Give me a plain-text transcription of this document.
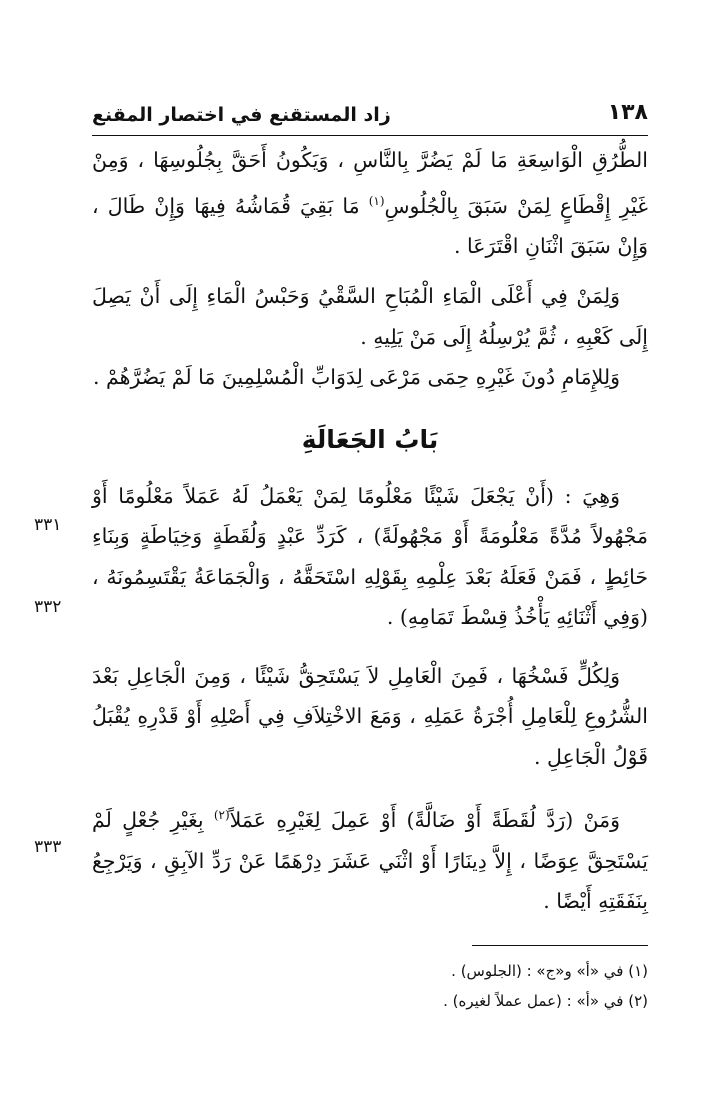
١٣٨
زاد المستقنع في اختصار المقنع

الطُّرُقِ الْوَاسِعَةِ مَا لَمْ يَضُرَّ بِالنَّاسِ ، وَيَكُونُ أَحَقَّ بِجُلُوسِهَا ، وَمِنْ غَيْرِ إِقْطَاعٍ لِمَنْ سَبَقَ بِالْجُلُوسِ$^{(١)}$ مَا بَقِيَ قُمَاشُهُ فِيهَا وَإِنْ طَالَ ، وَإِنْ سَبَقَ اثْنَانِ اقْتَرَعَا .

وَلِمَنْ فِي أَعْلَى الْمَاءِ الْمُبَاحِ السَّقْيُ وَحَبْسُ الْمَاءِ إِلَى أَنْ يَصِلَ إِلَى كَعْبِهِ ، ثُمَّ يُرْسِلُهُ إِلَى مَنْ يَلِيهِ .

وَلِلإِمَامِ دُونَ غَيْرِهِ حِمَى مَرْعَى لِدَوَابِّ الْمُسْلِمِينَ مَا لَمْ يَضُرَّهُمْ .

بَابُ الجَعَالَةِ

وَهِيَ : (أَنْ يَجْعَلَ شَيْئًا مَعْلُومًا لِمَنْ يَعْمَلُ لَهُ عَمَلاً مَعْلُومًا أَوْ مَجْهُولاً مُدَّةً مَعْلُومَةً أَوْ مَجْهُولَةً) ، كَرَدِّ عَبْدٍ وَلُقَطَةٍ وَخِيَاطَةٍ وَبِنَاءِ حَائِطٍ ، فَمَنْ فَعَلَهُ بَعْدَ عِلْمِهِ بِقَوْلِهِ اسْتَحَقَّهُ ، وَالْجَمَاعَةُ يَقْتَسِمُونَهُ ، (وَفِي أَثْنَائِهِ يَأْخُذُ قِسْطَ تَمَامِهِ) .

وَلِكُلٍّ فَسْخُهَا ، فَمِنَ الْعَامِلِ لاَ يَسْتَحِقُّ شَيْئًا ، وَمِنَ الْجَاعِلِ بَعْدَ الشُّرُوعِ لِلْعَامِلِ أُجْرَةُ عَمَلِهِ ، وَمَعَ الاخْتِلاَفِ فِي أَصْلِهِ أَوْ قَدْرِهِ يُقْبَلُ قَوْلُ الْجَاعِلِ .

وَمَنْ (رَدَّ لُقَطَةً أَوْ ضَالَّةً) أَوْ عَمِلَ لِغَيْرِهِ عَمَلاً$^{(٢)}$ بِغَيْرِ جُعْلٍ لَمْ يَسْتَحِقَّ عِوَضًا ، إِلاَّ دِينَارًا أَوْ اثْنَي عَشَرَ دِرْهَمًا عَنْ رَدِّ الآبِقِ ، وَيَرْجِعُ بِنَفَقَتِهِ أَيْضًا .

٣٣١
٣٣٢
٣٣٣

(١) في «أ» و«ج» : (الجلوس) .

(٢) في «أ» : (عمل عملاً لغيره) .
